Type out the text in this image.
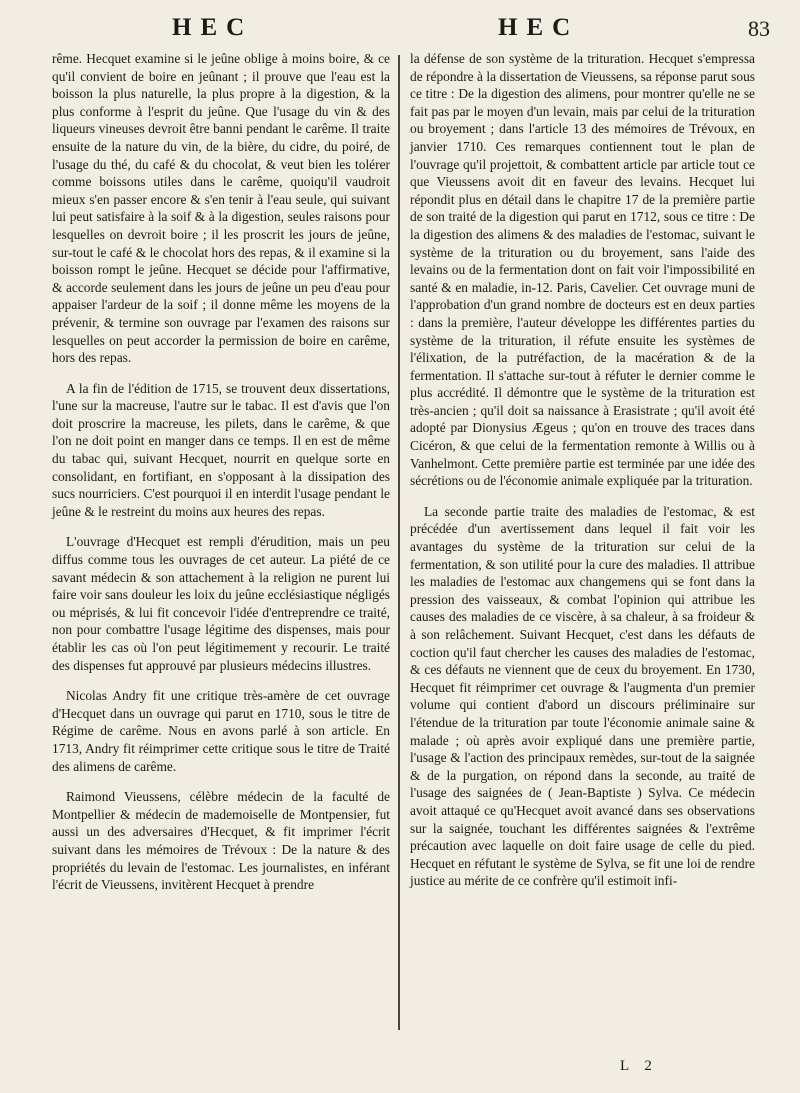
HEC	HEC	83

rême. Hecquet examine si le jeûne oblige à moins boire, & ce qu'il convient de boire en jeûnant ; il prouve que l'eau est la boisson la plus naturelle, la plus propre à la digestion, & la plus conforme à l'esprit du jeûne. Que l'usage du vin & des liqueurs vineuses devroit être banni pendant le carême. Il traite ensuite de la nature du vin, de la bière, du cidre, du poiré, de l'usage du thé, du café & du chocolat, & veut bien les tolérer comme boissons utiles dans le carême, quoiqu'il vaudroit mieux s'en passer encore & s'en tenir à l'eau seule, qui suivant lui peut satisfaire à la soif & à la digestion, seules raisons pour lesquelles on devroit boire ; il les proscrit les jours de jeûne, sur-tout le café & le chocolat hors des repas, & il examine si la boisson rompt le jeûne. Hecquet se décide pour l'affirmative, & accorde seulement dans les jours de jeûne un peu d'eau pour appaiser l'ardeur de la soif ; il donne même les moyens de la prévenir, & termine son ouvrage par l'examen des raisons sur lesquelles on peut accorder la permission de boire en carême, hors des repas.

A la fin de l'édition de 1715, se trouvent deux dissertations, l'une sur la macreuse, l'autre sur le tabac. Il est d'avis que l'on doit proscrire la macreuse, les pilets, dans le carême, & que l'on ne doit point en manger dans ce temps. Il en est de même du tabac qui, suivant Hecquet, nourrit en quelque sorte en consolidant, en fortifiant, en s'opposant à la dissipation des sucs nourriciers. C'est pourquoi il en interdit l'usage pendant le jeûne & le restreint du moins aux heures des repas.

L'ouvrage d'Hecquet est rempli d'érudition, mais un peu diffus comme tous les ouvrages de cet auteur. La piété de ce savant médecin & son attachement à la religion ne purent lui faire voir sans douleur les loix du jeûne ecclésiastique négligés ou méprisés, & lui fit concevoir l'idée d'entreprendre ce traité, non pour combattre l'usage légitime des dispenses, mais pour établir les cas où l'on peut légitimement y recourir. Le traité des dispenses fut approuvé par plusieurs médecins illustres.

Nicolas Andry fit une critique très-amère de cet ouvrage d'Hecquet dans un ouvrage qui parut en 1710, sous le titre de Régime de carême. Nous en avons parlé à son article. En 1713, Andry fit réimprimer cette critique sous le titre de Traité des alimens de carême.

Raimond Vieussens, célèbre médecin de la faculté de Montpellier & médecin de mademoiselle de Montpensier, fut aussi un des adversaires d'Hecquet, & fit imprimer l'écrit suivant dans les mémoires de Trévoux : De la nature & des propriétés du levain de l'estomac. Les journalistes, en inférant l'écrit de Vieussens, invitèrent Hecquet à prendre

la défense de son système de la trituration. Hecquet s'empressa de répondre à la dissertation de Vieussens, sa réponse parut sous ce titre : De la digestion des alimens, pour montrer qu'elle ne se fait pas par le moyen d'un levain, mais par celui de la trituration ou broyement ; dans l'article 13 des mémoires de Trévoux, en janvier 1710. Ces remarques contiennent tout le plan de l'ouvrage qu'il projettoit, & combattent article par article tout ce que Vieussens avoit dit en faveur des levains. Hecquet lui répondit plus en détail dans le chapitre 17 de la première partie de son traité de la digestion qui parut en 1712, sous ce titre : De la digestion des alimens & des maladies de l'estomac, suivant le système de la trituration ou du broyement, sans l'aide des levains ou de la fermentation dont on fait voir l'impossibilité en santé & en maladie, in-12. Paris, Cavelier. Cet ouvrage muni de l'approbation d'un grand nombre de docteurs est en deux parties : dans la première, l'auteur développe les différentes parties du système de la trituration, il réfute ensuite les systèmes de l'élixation, de la putréfaction, de la macération & de la fermentation. Il s'attache sur-tout à réfuter le dernier comme le plus accrédité. Il démontre que le système de la trituration est très-ancien ; qu'il doit sa naissance à Erasistrate ; qu'il avoit été adopté par Dionysius Ægeus ; qu'on en trouve des traces dans Cicéron, & que celui de la fermentation remonte à Willis ou à Vanhelmont. Cette première partie est terminée par une idée des sécrétions ou de l'économie animale expliquée par la trituration.

La seconde partie traite des maladies de l'estomac, & est précédée d'un avertissement dans lequel il fait voir les avantages du système de la trituration sur celui de la fermentation, & son utilité pour la cure des maladies. Il attribue les maladies de l'estomac aux changemens qui se font dans la pression des vaisseaux, & combat l'opinion qui attribue les causes des maladies de ce viscère, à sa chaleur, à sa froideur & à son relâchement. Suivant Hecquet, c'est dans les défauts de coction qu'il faut chercher les causes des maladies de l'estomac, & ces défauts ne viennent que de ceux du broyement. En 1730, Hecquet fit réimprimer cet ouvrage & l'augmenta d'un premier volume qui contient d'abord un discours préliminaire sur l'étendue de la trituration par toute l'économie animale saine & malade ; où après avoir expliqué dans une première partie, l'usage & l'action des principaux remèdes, sur-tout de la saignée & de la purgation, on répond dans la seconde, au traité de l'usage des saignées de ( Jean-Baptiste ) Sylva. Ce médecin avoit attaqué ce qu'Hecquet avoit avancé dans ses observations sur la saignée, touchant les différentes saignées & l'extrême précaution avec laquelle on doit faire usage de celle du pied. Hecquet en réfutant le système de Sylva, se fit une loi de rendre justice au mérite de ce confrère qu'il estimoit infi-

L 2
